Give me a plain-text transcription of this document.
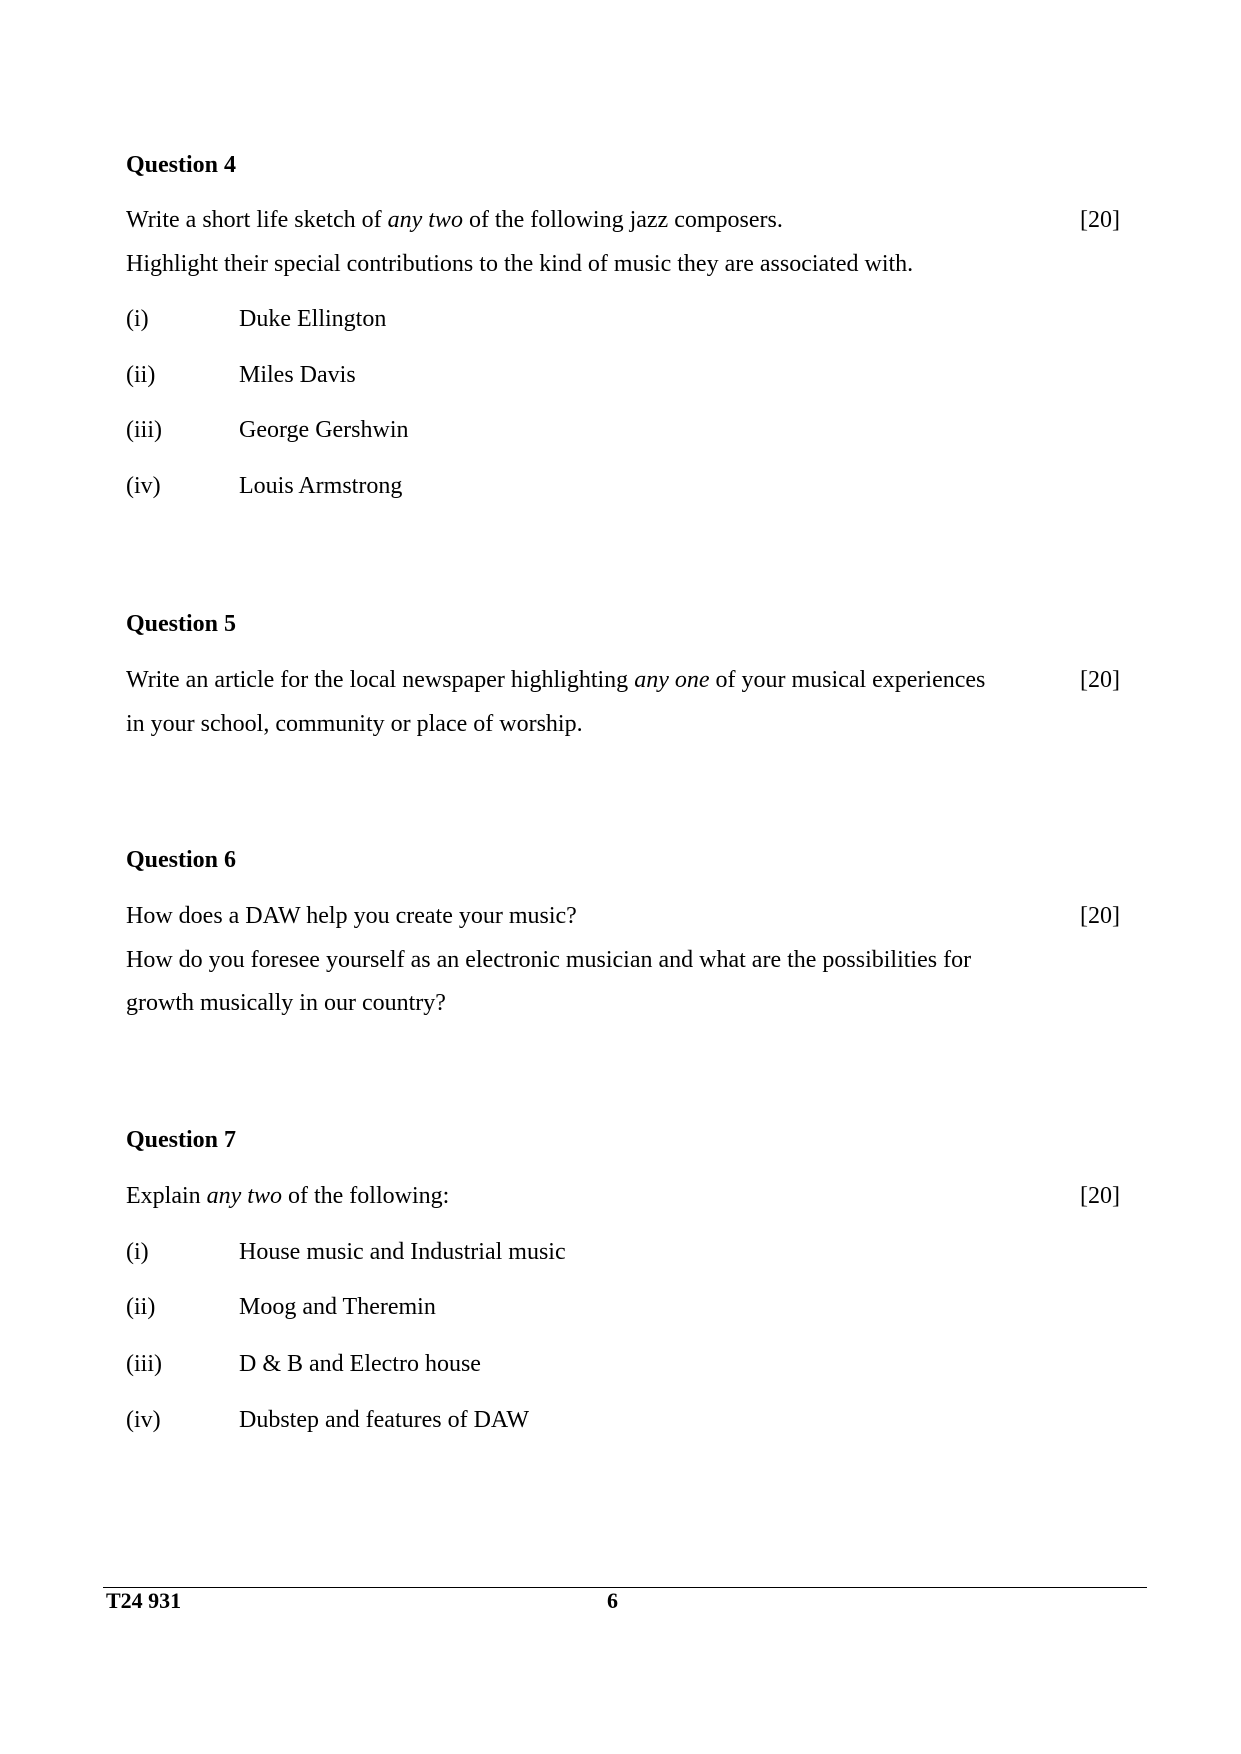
Question 4
Write a short life sketch of any two of the following jazz composers.	[20]
Highlight their special contributions to the kind of music they are associated with.
(i)	Duke Ellington
(ii)	Miles Davis
(iii)	George Gershwin
(iv)	Louis Armstrong
Question 5
Write an article for the local newspaper highlighting any one of your musical experiences	[20]
in your school, community or place of worship.
Question 6
How does a DAW help you create your music?	[20]
How do you foresee yourself as an electronic musician and what are the possibilities for
growth musically in our country?
Question 7
Explain any two of the following:	[20]
(i)	House music and Industrial music
(ii)	Moog and Theremin
(iii)	D & B and Electro house
(iv)	Dubstep and features of DAW
T24 931	6
